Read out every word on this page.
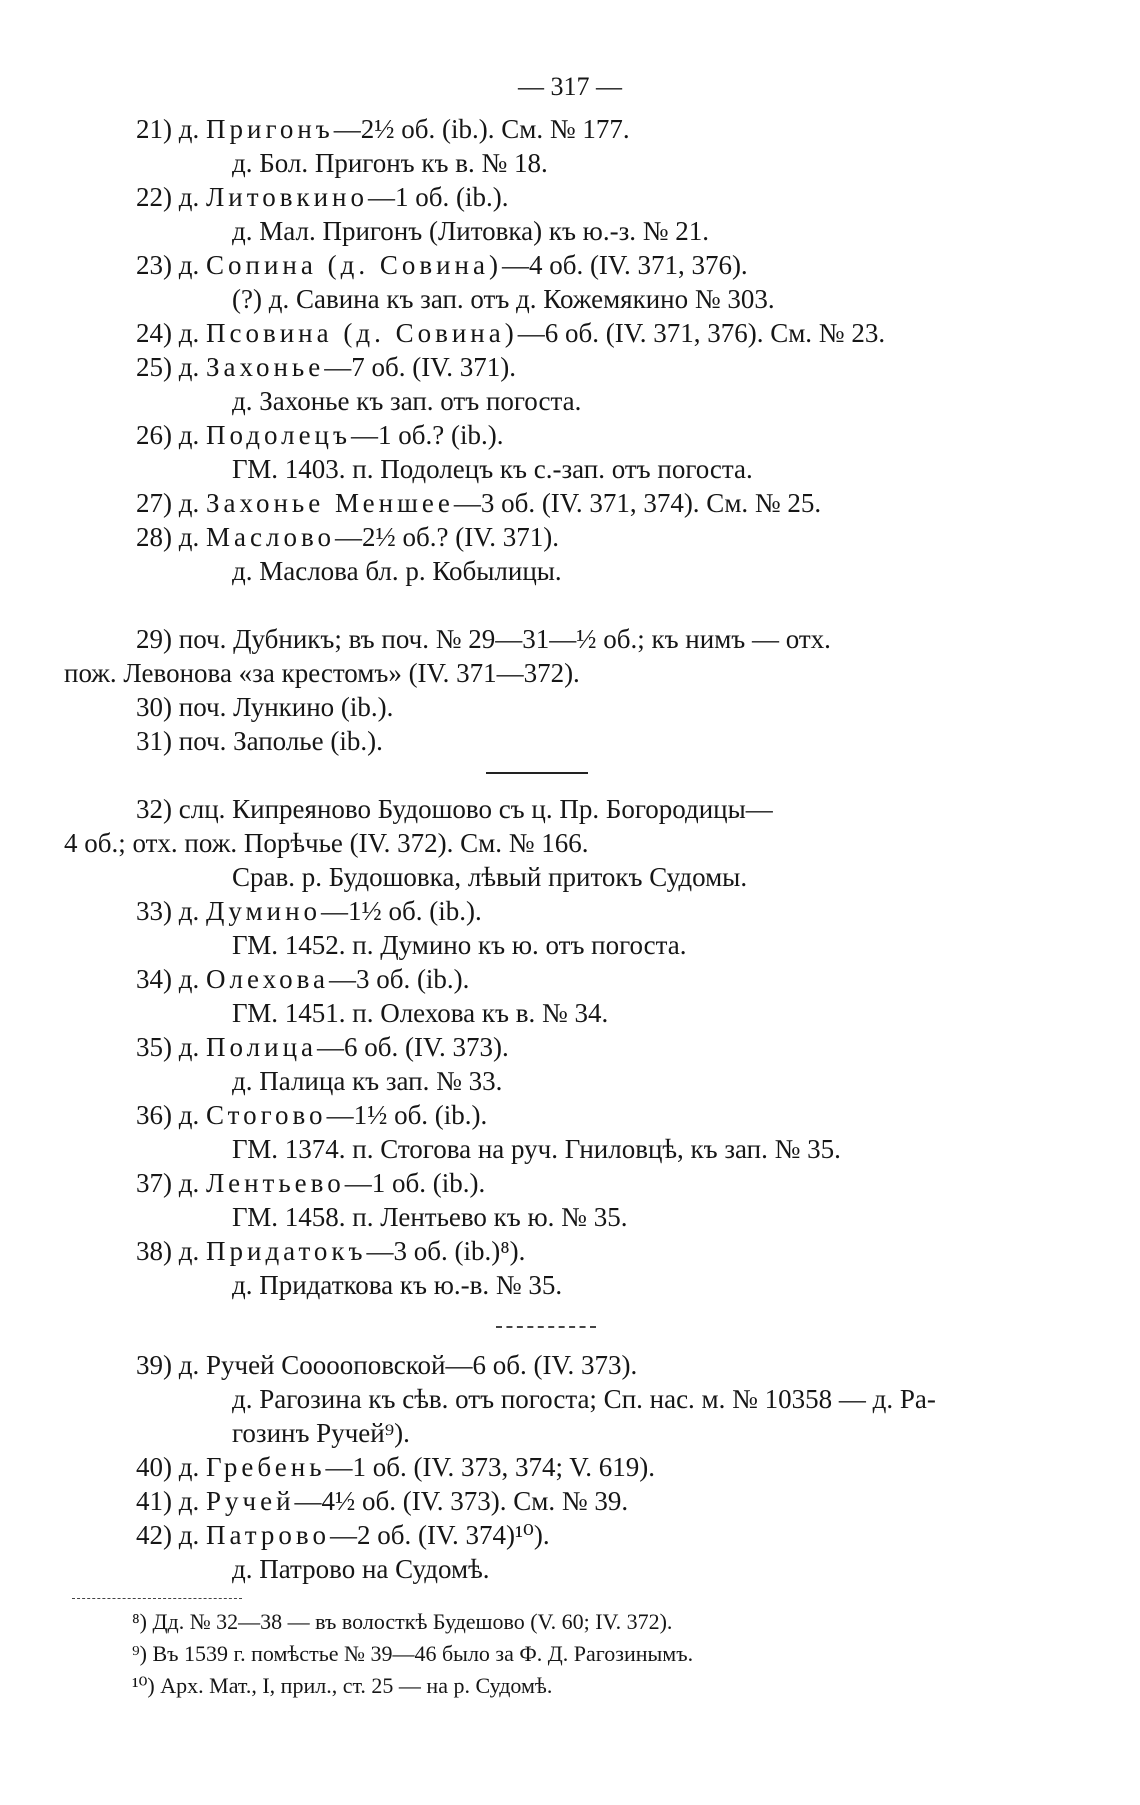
— 317 —
21) д. Пригонъ—2½ об. (ib.). См. № 177.
д. Бол. Пригонъ къ в. № 18.
22) д. Литовкино—1 об. (ib.).
д. Мал. Пригонъ (Литовка) къ ю.-з. № 21.
23) д. Сопина (д. Совина)—4 об. (IV. 371, 376).
(?) д. Савина къ зап. отъ д. Кожемякино № 303.
24) д. Псовина (д. Совина)—6 об. (IV. 371, 376). См. № 23.
25) д. Захонье—7 об. (IV. 371).
д. Захонье къ зап. отъ погоста.
26) д. Подолецъ—1 об.? (ib.).
ГМ. 1403. п. Подолецъ къ с.-зап. отъ погоста.
27) д. Захонье Меншее—3 об. (IV. 371, 374). См. № 25.
28) д. Маслово—2½ об.? (IV. 371).
д. Маслова бл. р. Кобылицы.
29) поч. Дубникъ; въ поч. № 29—31—½ об.; къ нимъ — отх.
пож. Левонова «за крестомъ» (IV. 371—372).
30) поч. Лункино (ib.).
31) поч. Заполье (ib.).
32) слц. Кипреяново Будошово съ ц. Пр. Богородицы—
4 об.; отх. пож. Порѣчье (IV. 372). См. № 166.
Срав. р. Будошовка, лѣвый притокъ Судомы.
33) д. Думино—1½ об. (ib.).
ГМ. 1452. п. Думино къ ю. отъ погоста.
34) д. Олехова—3 об. (ib.).
ГМ. 1451. п. Олехова къ в. № 34.
35) д. Полица—6 об. (IV. 373).
д. Палица къ зап. № 33.
36) д. Стогово—1½ об. (ib.).
ГМ. 1374. п. Стогова на руч. Гниловцѣ, къ зап. № 35.
37) д. Лентьево—1 об. (ib.).
ГМ. 1458. п. Лентьево къ ю. № 35.
38) д. Придатокъ—3 об. (ib.)⁸).
д. Придаткова къ ю.-в. № 35.
39) д. Ручей Сооооповской—6 об. (IV. 373).
д. Рагозина къ сѣв. отъ погоста; Сп. нас. м. № 10358 — д. Ра-
гозинъ Ручей⁹).
40) д. Гребень—1 об. (IV. 373, 374; V. 619).
41) д. Ручей—4½ об. (IV. 373). См. № 39.
42) д. Патрово—2 об. (IV. 374)¹⁰).
д. Патрово на Судомѣ.
⁸) Дд. № 32—38 — въ волосткѣ Будешово (V. 60; IV. 372).
⁹) Въ 1539 г. помѣстье № 39—46 было за Ф. Д. Рагозинымъ.
¹⁰) Арх. Мат., I, прил., ст. 25 — на р. Судомѣ.
